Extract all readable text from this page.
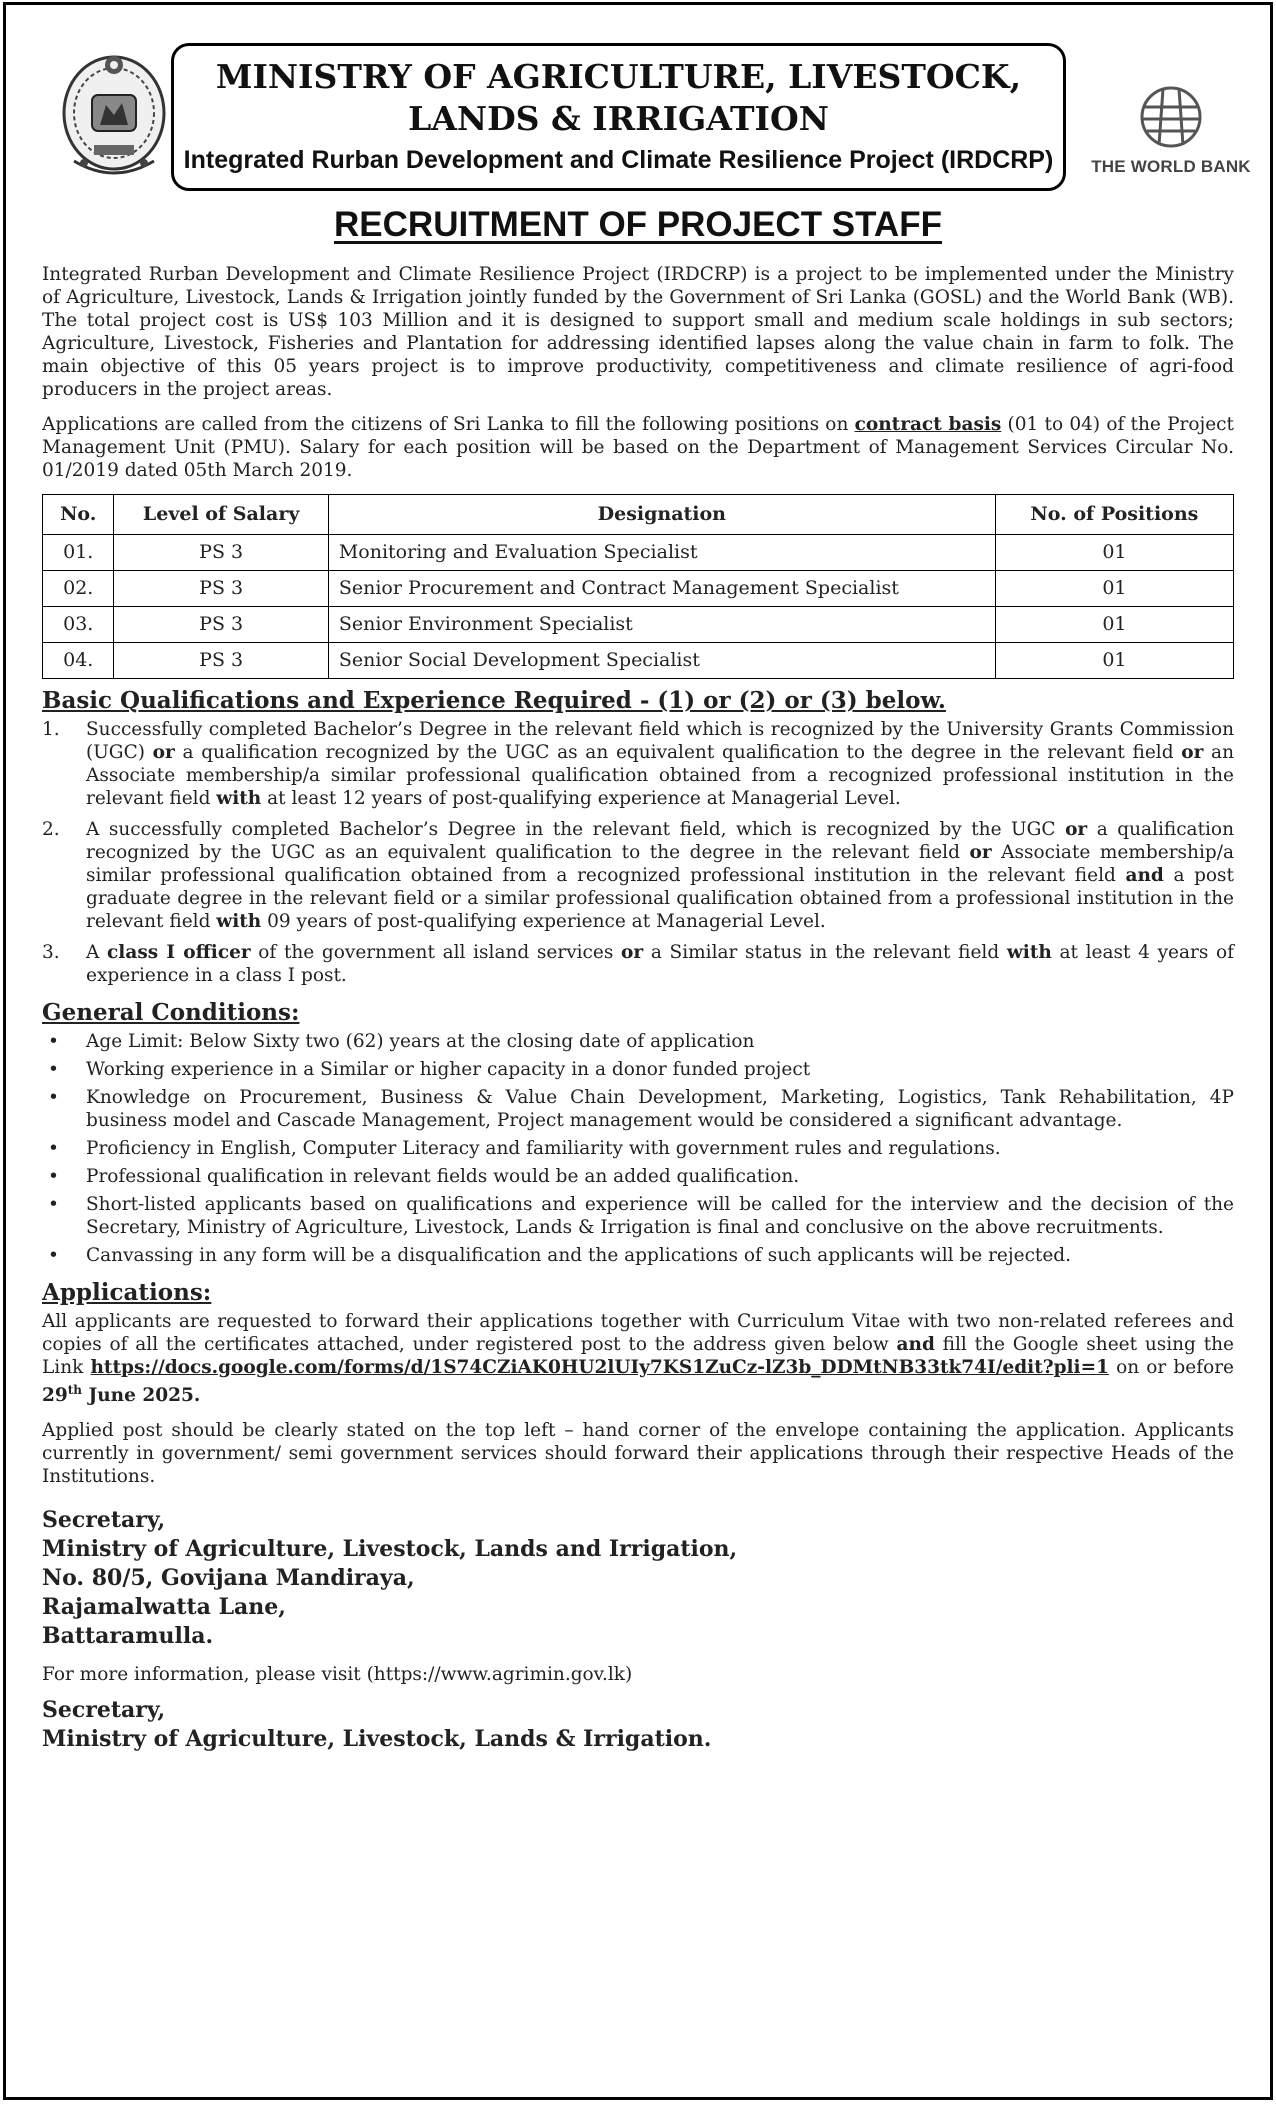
MINISTRY OF AGRICULTURE, LIVESTOCK,
LANDS & IRRIGATION
Integrated Rurban Development and Climate Resilience Project (IRDCRP)	THE WORLD BANK
RECRUITMENT OF PROJECT STAFF

Integrated Rurban Development and Climate Resilience Project (IRDCRP) is a project to be implemented under the Ministry of Agriculture, Livestock, Lands & Irrigation jointly funded by the Government of Sri Lanka (GOSL) and the World Bank (WB). The total project cost is US$ 103 Million and it is designed to support small and medium scale holdings in sub sectors; Agriculture, Livestock, Fisheries and Plantation for addressing identified lapses along the value chain in farm to folk. The main objective of this 05 years project is to improve productivity, competitiveness and climate resilience of agri-food producers in the project areas.

Applications are called from the citizens of Sri Lanka to fill the following positions on contract basis (01 to 04) of the Project Management Unit (PMU). Salary for each position will be based on the Department of Management Services Circular No. 01/2019 dated 05th March 2019.

No.	Level of Salary	Designation	No. of Positions
01.	PS 3	Monitoring and Evaluation Specialist	01
02.	PS 3	Senior Procurement and Contract Management Specialist	01
03.	PS 3	Senior Environment Specialist	01
04.	PS 3	Senior Social Development Specialist	01
Basic Qualifications and Experience Required - (1) or (2) or (3) below.
1. Successfully completed Bachelor’s Degree in the relevant field which is recognized by the University Grants Commission (UGC) or a qualification recognized by the UGC as an equivalent qualification to the degree in the relevant field or an Associate membership/a similar professional qualification obtained from a recognized professional institution in the relevant field with at least 12 years of post-qualifying experience at Managerial Level.
2. A successfully completed Bachelor’s Degree in the relevant field, which is recognized by the UGC or a qualification recognized by the UGC as an equivalent qualification to the degree in the relevant field or Associate membership/a similar professional qualification obtained from a recognized professional institution in the relevant field and a post graduate degree in the relevant field or a similar professional qualification obtained from a professional institution in the relevant field with 09 years of post-qualifying experience at Managerial Level.
3. A class I officer of the government all island services or a Similar status in the relevant field with at least 4 years of experience in a class I post.
General Conditions:
• Age Limit: Below Sixty two (62) years at the closing date of application
• Working experience in a Similar or higher capacity in a donor funded project
• Knowledge on Procurement, Business & Value Chain Development, Marketing, Logistics, Tank Rehabilitation, 4P business model and Cascade Management, Project management would be considered a significant advantage.
• Proficiency in English, Computer Literacy and familiarity with government rules and regulations.
• Professional qualification in relevant fields would be an added qualification.
• Short-listed applicants based on qualifications and experience will be called for the interview and the decision of the Secretary, Ministry of Agriculture, Livestock, Lands & Irrigation is final and conclusive on the above recruitments.
• Canvassing in any form will be a disqualification and the applications of such applicants will be rejected.
Applications:

All applicants are requested to forward their applications together with Curriculum Vitae with two non-related referees and copies of all the certificates attached, under registered post to the address given below and fill the Google sheet using the Link https://docs.google.com/forms/d/1S74CZiAK0HU2lUIy7KS1ZuCz-lZ3b_DDMtNB33tk74I/edit?pli=1 on or before 29th June 2025.

Applied post should be clearly stated on the top left – hand corner of the envelope containing the application. Applicants currently in government/ semi government services should forward their applications through their respective Heads of the Institutions.

Secretary,
Ministry of Agriculture, Livestock, Lands and Irrigation,
No. 80/5, Govijana Mandiraya,
Rajamalwatta Lane,
Battaramulla.

For more information, please visit (https://www.agrimin.gov.lk)

Secretary,
Ministry of Agriculture, Livestock, Lands & Irrigation.
